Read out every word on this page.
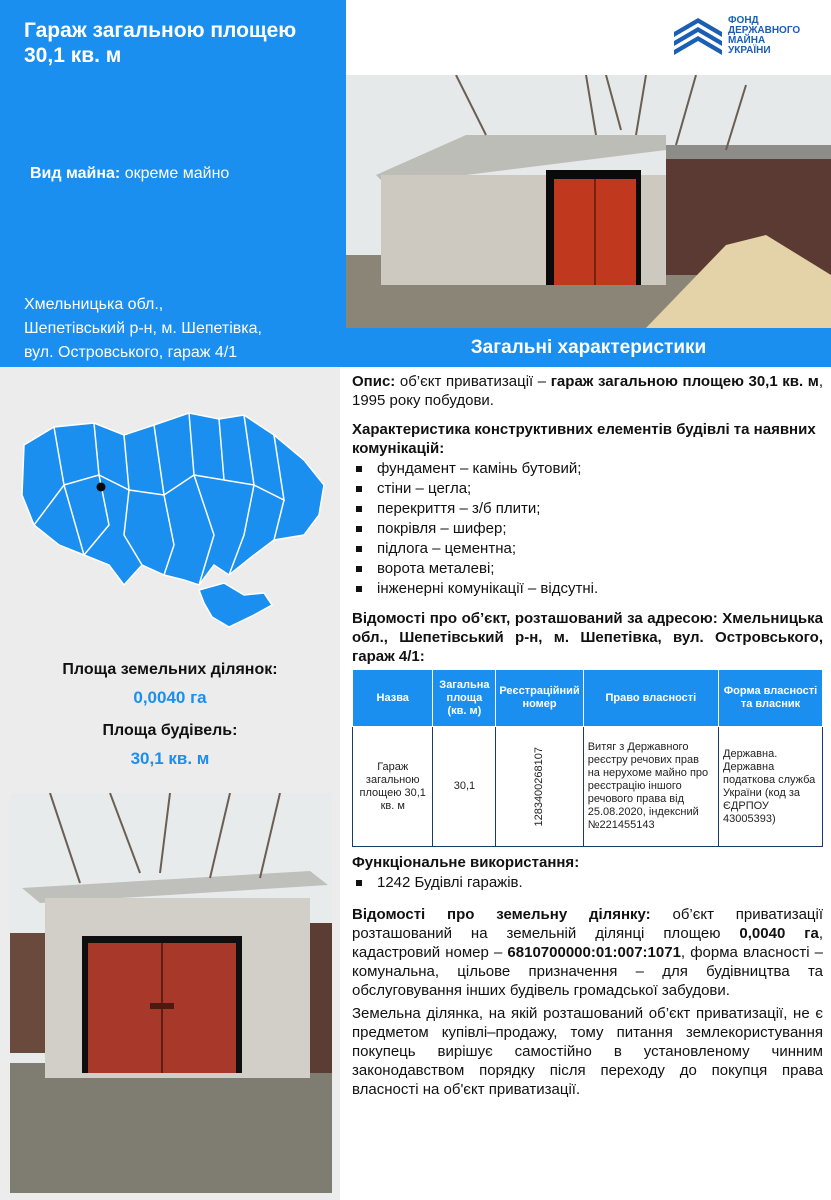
Гараж загальною площею
30,1 кв. м
Вид майна: окреме майно
Хмельницька обл.,
Шепетівський р-н, м. Шепетівка,
вул. Островського, гараж 4/1
ФОНД
ДЕРЖАВНОГО
МАЙНА
УКРАЇНИ
Загальні характеристики
Площа земельних ділянок:
0,0040 га
Площа будівель:
30,1 кв. м

Опис: об’єкт приватизації – гараж загальною площею 30,1 кв. м, 1995 року побудови.

Характеристика конструктивних елементів будівлі та наявних комунікацій:

фундамент – камінь бутовий;
стіни – цегла;
перекриття – з/б плити;
покрівля – шифер;
підлога – цементна;
ворота металеві;
інженерні комунікації – відсутні.

Відомості про об’єкт, розташований за адресою: Хмельницька обл., Шепетівський р-н, м. Шепетівка, вул. Островського, гараж 4/1:

Назва	Загальна площа (кв. м)	Реєстраційний номер	Право власності	Форма власності та власник
Гараж загальною площею 30,1 кв. м	30,1	1283400268107	Витяг з Державного реєстру речових прав на нерухоме майно про реєстрацію іншого речового права від 25.08.2020, індексний №221455143	Державна. Державна податкова служба України (код за ЄДРПОУ 43005393)

Функціональне використання:

1242 Будівлі гаражів.

Відомості про земельну ділянку: об’єкт приватизації розташований на земельній ділянці площею 0,0040 га, кадастровий номер – 6810700000:01:007:1071, форма власності – комунальна, цільове призначення – для будівництва та обслуговування інших будівель громадської забудови.

Земельна ділянка, на якій розташований об’єкт приватизації, не є предметом купівлі–продажу, тому питання землекористування покупець вирішує самостійно в установленому чинним законодавством порядку після переходу до покупця права власності на об'єкт приватизації.
